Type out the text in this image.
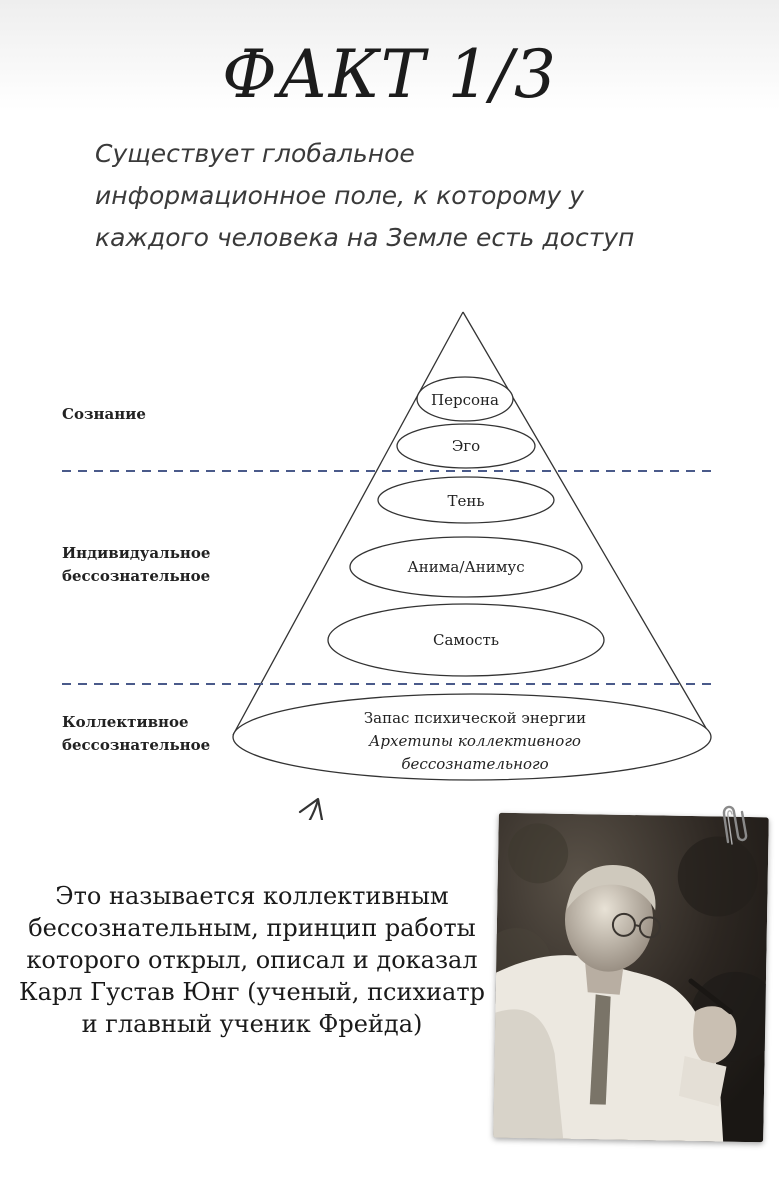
ФАКТ 1/3

Существует глобальное
информационное поле, к которому у
каждого человека на Земле есть доступ

Персона
Эго
Тень
Анима/Анимус
Самость
Запас психической энергии
Архетипы коллективного
бессознательного
Сознание
Индивидуальное
бессознательное
Коллективное
бессознательное

Это называется коллективным
бессознательным, принцип работы
которого открыл, описал и доказал
Карл Густав Юнг (ученый, психиатр
и главный ученик Фрейда)
